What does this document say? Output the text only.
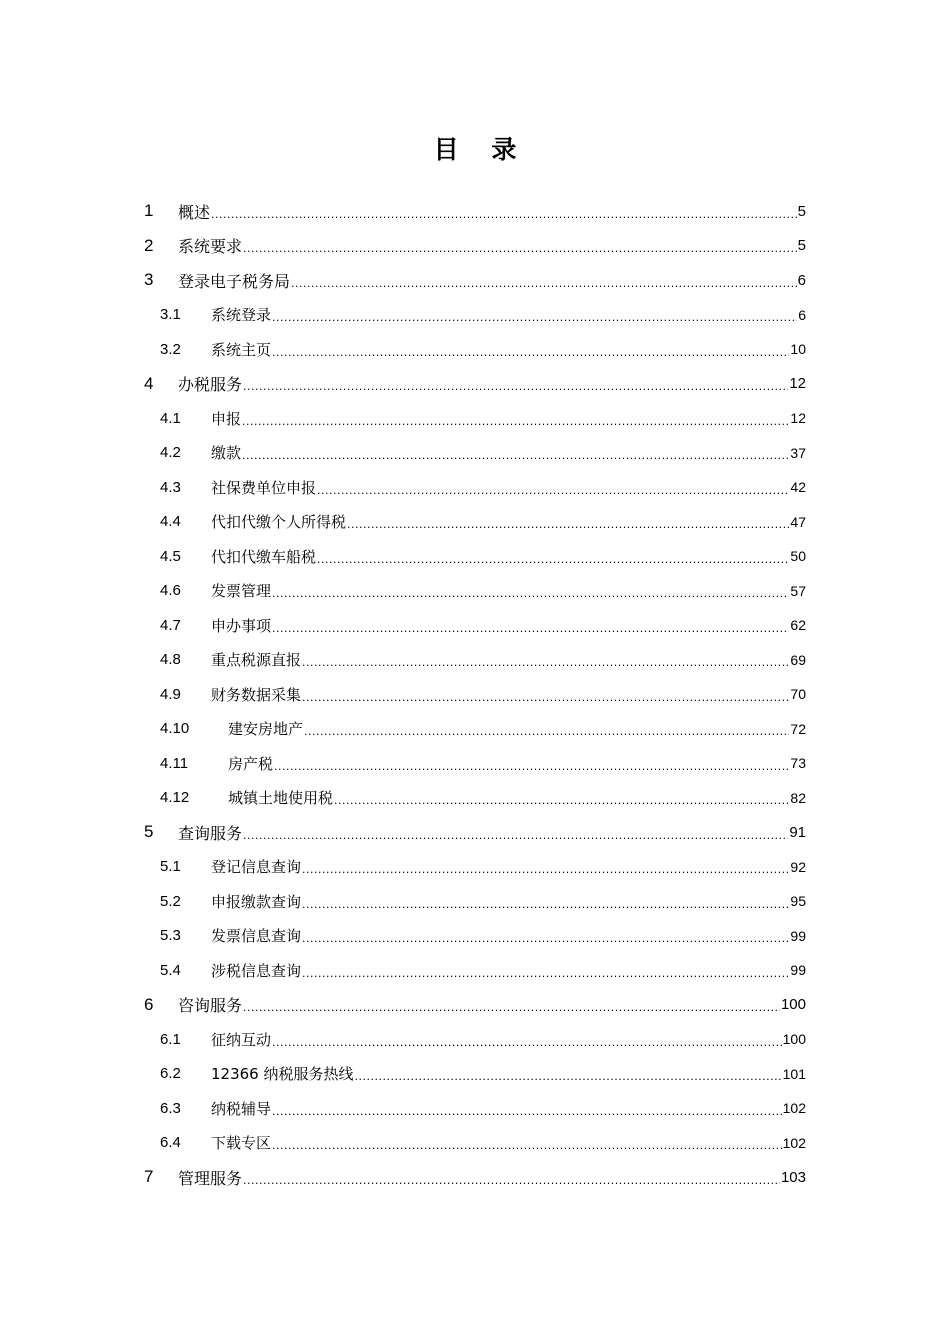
目 录
1	概述 .....	5
2	系统要求 .....	5
3	登录电子税务局 .....	6
3.1	系统登录 .....	6
3.2	系统主页 .....	10
4	办税服务 .....	12
4.1	申报 .....	12
4.2	缴款 .....	37
4.3	社保费单位申报 .....	42
4.4	代扣代缴个人所得税 .....	47
4.5	代扣代缴车船税 .....	50
4.6	发票管理 .....	57
4.7	申办事项 .....	62
4.8	重点税源直报 .....	69
4.9	财务数据采集 .....	70
4.10	建安房地产 .....	72
4.11	房产税 .....	73
4.12	城镇土地使用税 .....	82
5	查询服务 .....	91
5.1	登记信息查询 .....	92
5.2	申报缴款查询 .....	95
5.3	发票信息查询 .....	99
5.4	涉税信息查询 .....	99
6	咨询服务 .....	100
6.1	征纳互动 .....	100
6.2	12366 纳税服务热线 .....	101
6.3	纳税辅导 .....	102
6.4	下载专区 .....	102
7	管理服务 .....	103
